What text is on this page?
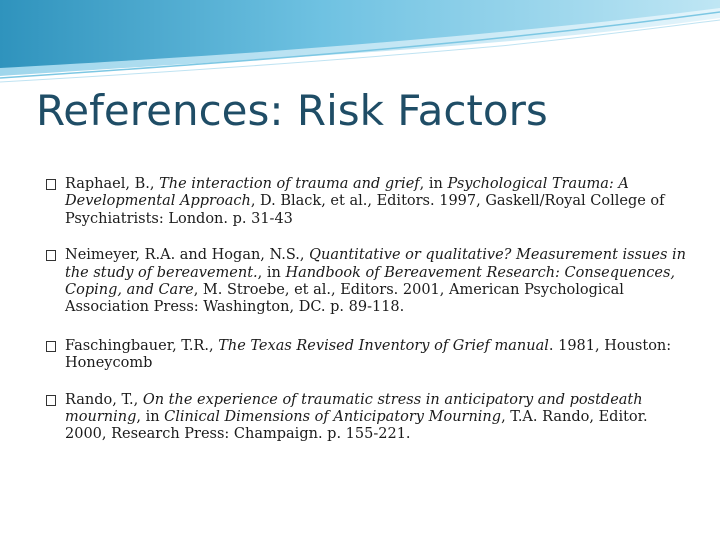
References: Risk Factors
Raphael, B., The interaction of trauma and grief, in Psychological Trauma: A Developmental Approach, D. Black, et al., Editors. 1997, Gaskell/Royal College of Psychiatrists: London. p. 31-43
Neimeyer, R.A. and Hogan, N.S., Quantitative or qualitative? Measurement issues in the study of bereavement., in Handbook of Bereavement Research: Consequences, Coping, and Care, M. Stroebe, et al., Editors. 2001, American Psychological Association Press: Washington, DC. p. 89-118.
Faschingbauer, T.R., The Texas Revised Inventory of Grief manual. 1981, Houston: Honeycomb
Rando, T., On the experience of traumatic stress in anticipatory and postdeath mourning, in Clinical Dimensions of Anticipatory Mourning, T.A. Rando, Editor. 2000, Research Press: Champaign. p. 155-221.
